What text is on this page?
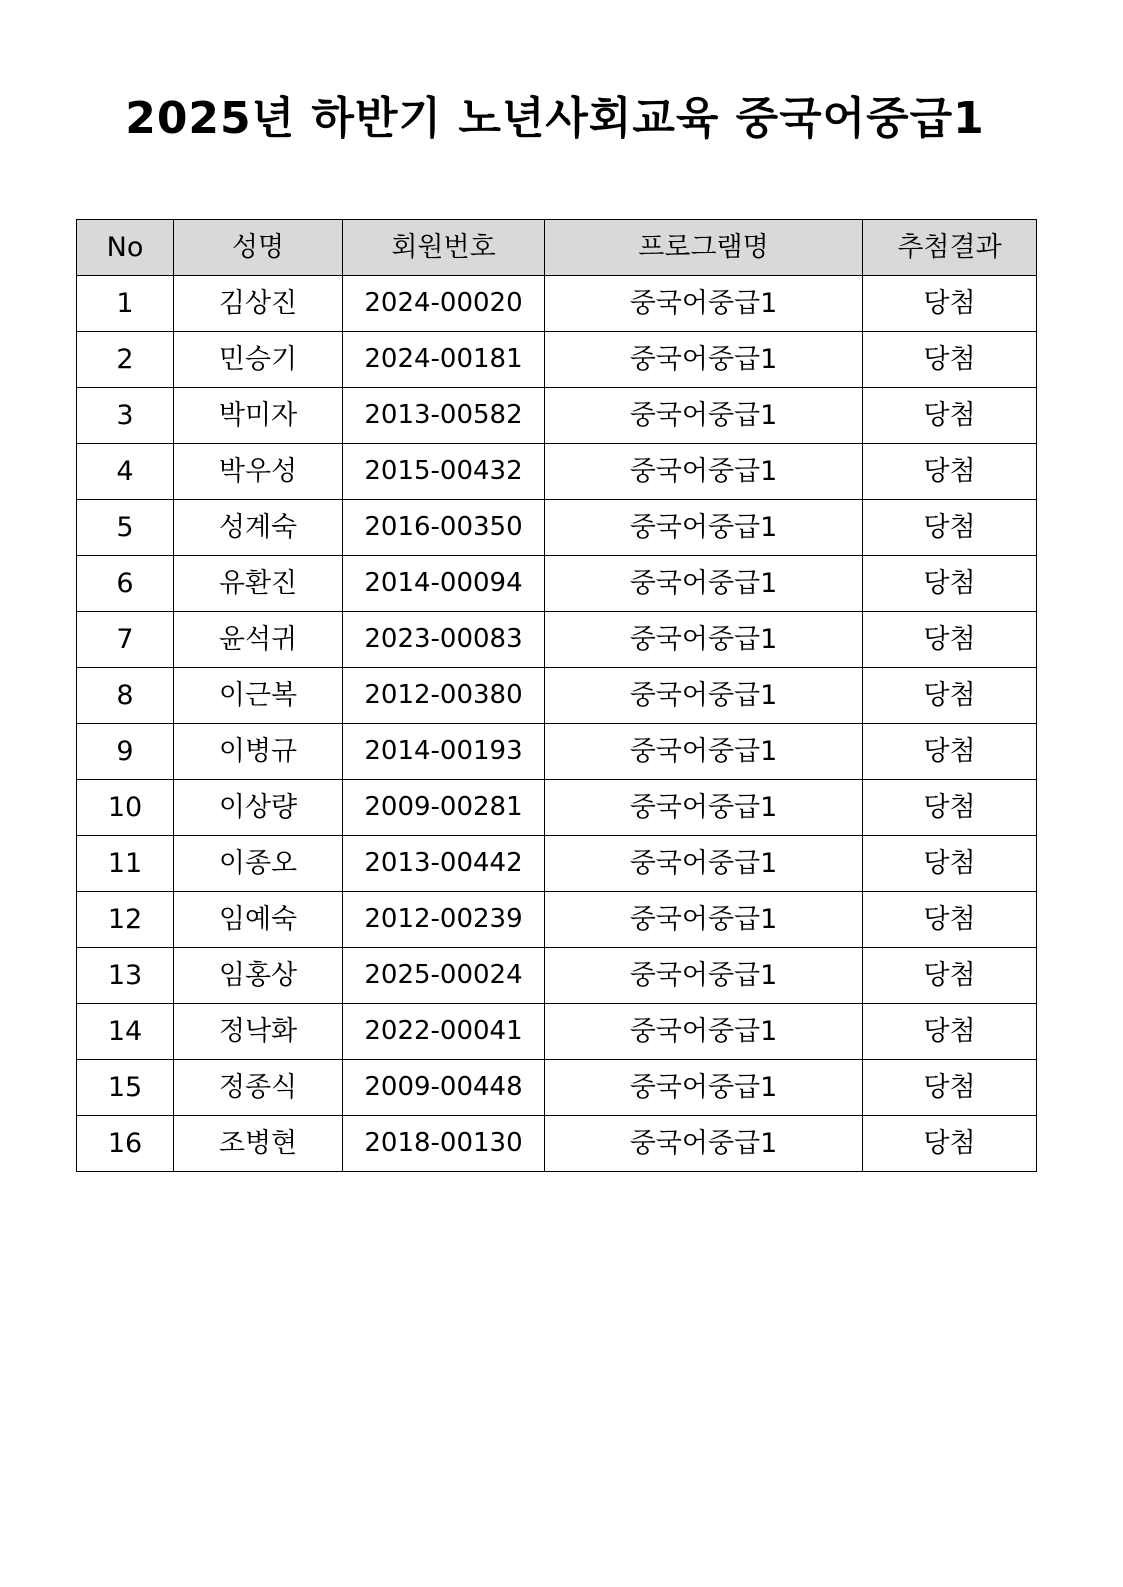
2025년 하반기 노년사회교육 중국어중급1
No	성명	회원번호	프로그램명	추첨결과
1	김상진	2024-00020	중국어중급1	당첨
2	민승기	2024-00181	중국어중급1	당첨
3	박미자	2013-00582	중국어중급1	당첨
4	박우성	2015-00432	중국어중급1	당첨
5	성계숙	2016-00350	중국어중급1	당첨
6	유환진	2014-00094	중국어중급1	당첨
7	윤석귀	2023-00083	중국어중급1	당첨
8	이근복	2012-00380	중국어중급1	당첨
9	이병규	2014-00193	중국어중급1	당첨
10	이상량	2009-00281	중국어중급1	당첨
11	이종오	2013-00442	중국어중급1	당첨
12	임예숙	2012-00239	중국어중급1	당첨
13	임홍상	2025-00024	중국어중급1	당첨
14	정낙화	2022-00041	중국어중급1	당첨
15	정종식	2009-00448	중국어중급1	당첨
16	조병현	2018-00130	중국어중급1	당첨
